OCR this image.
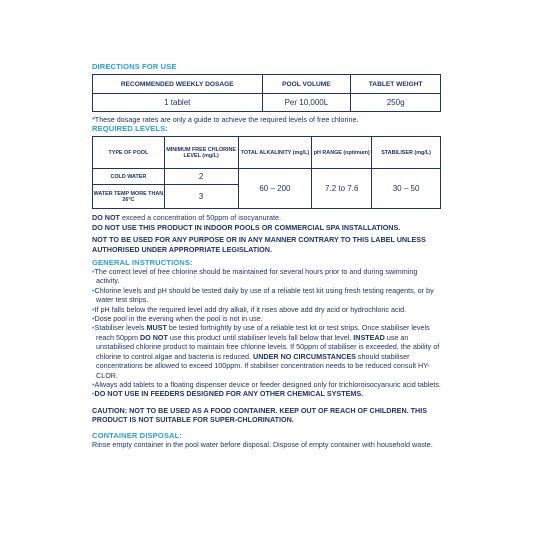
DIRECTIONS FOR USE
RECOMMENDED WEEKLY DOSAGE	POOL VOLUME	TABLET WEIGHT
1 tablet	Per 10,000L	250g

*These dosage rates are only a guide to achieve the required levels of free chlorine.

REQUIRED LEVELS:
TYPE OF POOL	MINIMUM FREE CHLORINE LEVEL (mg/L)	TOTAL ALKALINITY (mg/L)	pH RANGE (optimum)	STABILISER (mg/L)
COLD WATER	2	60 – 200	7.2 to 7.6	30 – 50
WATER TEMP MORE THAN 26°C	3			

DO NOT exceed a concentration of 50ppm of isocyanurate.

DO NOT USE THIS PRODUCT IN INDOOR POOLS OR COMMERCIAL SPA INSTALLATIONS.

NOT TO BE USED FOR ANY PURPOSE OR IN ANY MANNER CONTRARY TO THIS LABEL UNLESS AUTHORISED UNDER APPROPRIATE LEGISLATION.

GENERAL INSTRUCTIONS:
• The correct level of free chlorine should be maintained for several hours prior to and during swimming activity.
• Chlorine levels and pH should be tested daily by use of a reliable test kit using fresh testing reagents, or by water test strips.
• If pH falls below the required level add dry alkali, if it rises above add dry acid or hydrochloric acid.
• Dose pool in the evening when the pool is not in use.
• Stabiliser levels MUST be tested fortnightly by use of a reliable test kit or test strips. Once stabiliser levels reach 50ppm DO NOT use this product until stabiliser levels fall below that level. INSTEAD use an unstabilised chlorine product to maintain free chlorine levels. If 50ppm of stabiliser is exceeded, the ability of chlorine to control algae and bacteria is reduced. UNDER NO CIRCUMSTANCES should stabiliser concentrations be allowed to exceed 100ppm. If stabiliser concentration needs to be reduced consult HY-CLOR.
• Always add tablets to a floating dispenser device or feeder designed only for trichloroisocyanuric acid tablets.
• DO NOT USE IN FEEDERS DESIGNED FOR ANY OTHER CHEMICAL SYSTEMS.

CAUTION: NOT TO BE USED AS A FOOD CONTAINER. KEEP OUT OF REACH OF CHILDREN. THIS PRODUCT IS NOT SUITABLE FOR SUPER-CHLORINATION.

CONTAINER DISPOSAL:

Rinse empty container in the pool water before disposal. Dispose of empty container with household waste.
